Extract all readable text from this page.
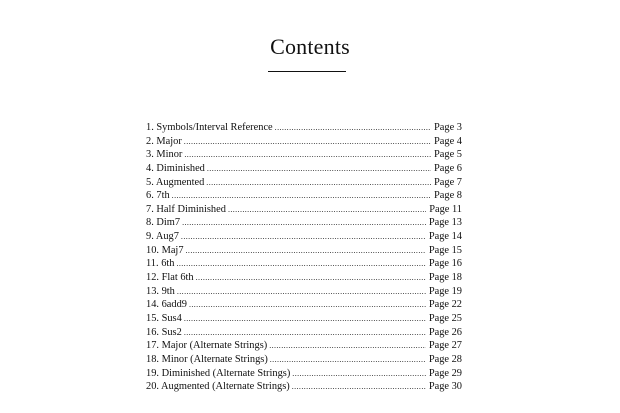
Contents
1. Symbols/Interval Reference .....	Page 3
2. Major .....	Page 4
3. Minor .....	Page 5
4. Diminished .....	Page 6
5. Augmented .....	Page 7
6. 7th .....	Page 8
7. Half Diminished .....	Page 11
8. Dim7 .....	Page 13
9. Aug7 .....	Page 14
10. Maj7 .....	Page 15
11. 6th .....	Page 16
12. Flat 6th .....	Page 18
13. 9th .....	Page 19
14. 6add9 .....	Page 22
15. Sus4 .....	Page 25
16. Sus2 .....	Page 26
17. Major (Alternate Strings) .....	Page 27
18. Minor (Alternate Strings) .....	Page 28
19. Diminished (Alternate Strings) .....	Page 29
20. Augmented (Alternate Strings) .....	Page 30
